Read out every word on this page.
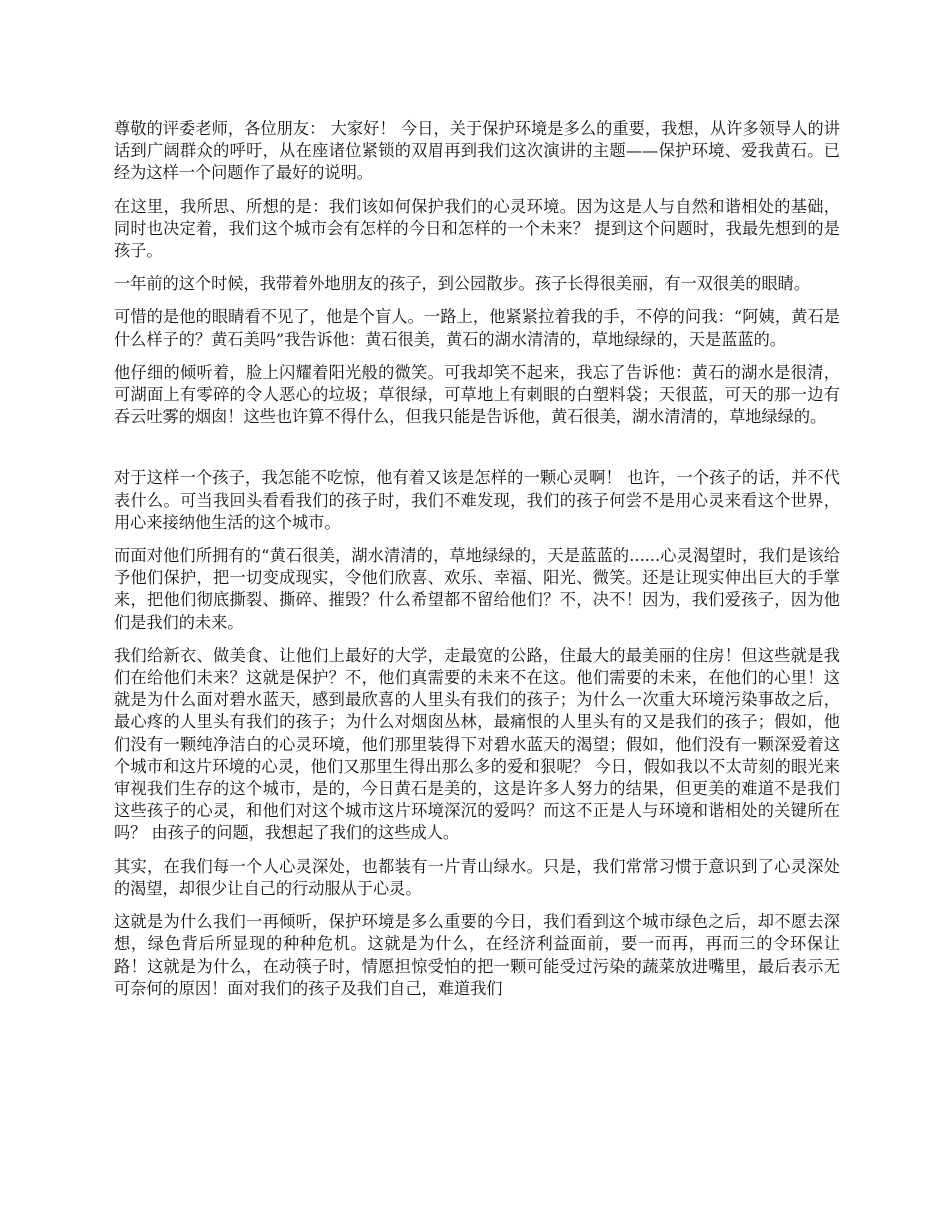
尊敬的评委老师，各位朋友： 大家好！ 今日，关于保护环境是多么的重要，我想，从许多领导人的讲话到广阔群众的呼吁，从在座诸位紧锁的双眉再到我们这次演讲的主题——保护环境、爱我黄石。已经为这样一个问题作了最好的说明。

在这里，我所思、所想的是：我们该如何保护我们的心灵环境。因为这是人与自然和谐相处的基础， 同时也决定着，我们这个城市会有怎样的今日和怎样的一个未来？ 提到这个问题时，我最先想到的是孩子。

一年前的这个时候，我带着外地朋友的孩子，到公园散步。孩子长得很美丽，有一双很美的眼睛。

可惜的是他的眼睛看不见了，他是个盲人。一路上，他紧紧拉着我的手，不停的问我：“阿姨，黄石是什么样子的？黄石美吗”我告诉他：黄石很美，黄石的湖水清清的，草地绿绿的，天是蓝蓝的。

他仔细的倾听着，脸上闪耀着阳光般的微笑。可我却笑不起来，我忘了告诉他：黄石的湖水是很清，可湖面上有零碎的令人恶心的垃圾；草很绿，可草地上有刺眼的白塑料袋；天很蓝，可天的那一边有吞云吐雾的烟囱！这些也许算不得什么，但我只能是告诉他，黄石很美，湖水清清的，草地绿绿的。

对于这样一个孩子，我怎能不吃惊，他有着又该是怎样的一颗心灵啊！ 也许，一个孩子的话，并不代表什么。可当我回头看看我们的孩子时，我们不难发现，我们的孩子何尝不是用心灵来看这个世界，用心来接纳他生活的这个城市。

而面对他们所拥有的“黄石很美，湖水清清的，草地绿绿的，天是蓝蓝的......心灵渴望时，我们是该给予他们保护，把一切变成现实，令他们欣喜、欢乐、幸福、阳光、微笑。还是让现实伸出巨大的手掌来，把他们彻底撕裂、撕碎、摧毁？什么希望都不留给他们？不，决不！因为，我们爱孩子，因为他们是我们的未来。

我们给新衣、做美食、让他们上最好的大学，走最宽的公路，住最大的最美丽的住房！但这些就是我们在给他们未来？这就是保护？不，他们真需要的未来不在这。他们需要的未来，在他们的心里！这就是为什么面对碧水蓝天，感到最欣喜的人里头有我们的孩子；为什么一次重大环境污染事故之后，最心疼的人里头有我们的孩子；为什么对烟囱丛林，最痛恨的人里头有的又是我们的孩子；假如，他们没有一颗纯净洁白的心灵环境，他们那里装得下对碧水蓝天的渴望；假如，他们没有一颗深爱着这个城市和这片环境的心灵，他们又那里生得出那么多的爱和狠呢？ 今日，假如我以不太苛刻的眼光来审视我们生存的这个城市，是的，今日黄石是美的，这是许多人努力的结果，但更美的难道不是我们这些孩子的心灵，和他们对这个城市这片环境深沉的爱吗？而这不正是人与环境和谐相处的关键所在吗？ 由孩子的问题，我想起了我们的这些成人。

其实，在我们每一个人心灵深处，也都装有一片青山绿水。只是，我们常常习惯于意识到了心灵深处的渴望，却很少让自己的行动服从于心灵。

这就是为什么我们一再倾听，保护环境是多么重要的今日，我们看到这个城市绿色之后，却不愿去深想，绿色背后所显现的种种危机。这就是为什么，在经济利益面前，要一而再，再而三的令环保让路！这就是为什么，在动筷子时，情愿担惊受怕的把一颗可能受过污染的蔬菜放进嘴里，最后表示无可奈何的原因！面对我们的孩子及我们自己，难道我们
